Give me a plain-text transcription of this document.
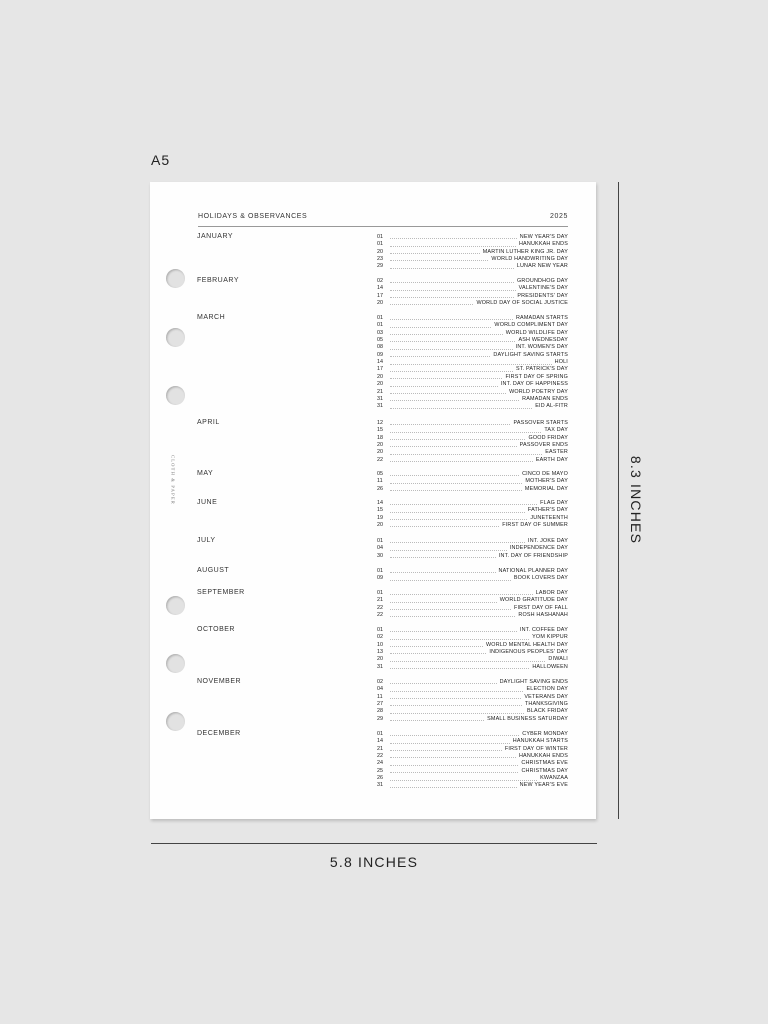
A5
CLOTH & PAPER
HOLIDAYS & OBSERVANCES	2025
JANUARY	01	NEW YEAR'S DAY
01	HANUKKAH ENDS
20	MARTIN LUTHER KING JR. DAY
23	WORLD HANDWRITING DAY
29	LUNAR NEW YEAR
FEBRUARY	02	GROUNDHOG DAY
14	VALENTINE'S DAY
17	PRESIDENTS' DAY
20	WORLD DAY OF SOCIAL JUSTICE
MARCH	01	RAMADAN STARTS
01	WORLD COMPLIMENT DAY
03	WORLD WILDLIFE DAY
05	ASH WEDNESDAY
08	INT. WOMEN'S DAY
09	DAYLIGHT SAVING STARTS
14	HOLI
17	ST. PATRICK'S DAY
20	FIRST DAY OF SPRING
20	INT. DAY OF HAPPINESS
21	WORLD POETRY DAY
31	RAMADAN ENDS
31	EID AL-FITR
APRIL	12	PASSOVER STARTS
15	TAX DAY
18	GOOD FRIDAY
20	PASSOVER ENDS
20	EASTER
22	EARTH DAY
MAY	05	CINCO DE MAYO
11	MOTHER'S DAY
26	MEMORIAL DAY
JUNE	14	FLAG DAY
15	FATHER'S DAY
19	JUNETEENTH
20	FIRST DAY OF SUMMER
JULY	01	INT. JOKE DAY
04	INDEPENDENCE DAY
30	INT. DAY OF FRIENDSHIP
AUGUST	01	NATIONAL PLANNER DAY
09	BOOK LOVERS DAY
SEPTEMBER	01	LABOR DAY
21	WORLD GRATITUDE DAY
22	FIRST DAY OF FALL
22	ROSH HASHANAH
OCTOBER	01	INT. COFFEE DAY
02	YOM KIPPUR
10	WORLD MENTAL HEALTH DAY
13	INDIGENOUS PEOPLES' DAY
20	DIWALI
31	HALLOWEEN
NOVEMBER	02	DAYLIGHT SAVING ENDS
04	ELECTION DAY
11	VETERANS DAY
27	THANKSGIVING
28	BLACK FRIDAY
29	SMALL BUSINESS SATURDAY
DECEMBER	01	CYBER MONDAY
14	HANUKKAH STARTS
21	FIRST DAY OF WINTER
22	HANUKKAH ENDS
24	CHRISTMAS EVE
25	CHRISTMAS DAY
26	KWANZAA
31	NEW YEAR'S EVE
8.3 INCHES
5.8 INCHES
